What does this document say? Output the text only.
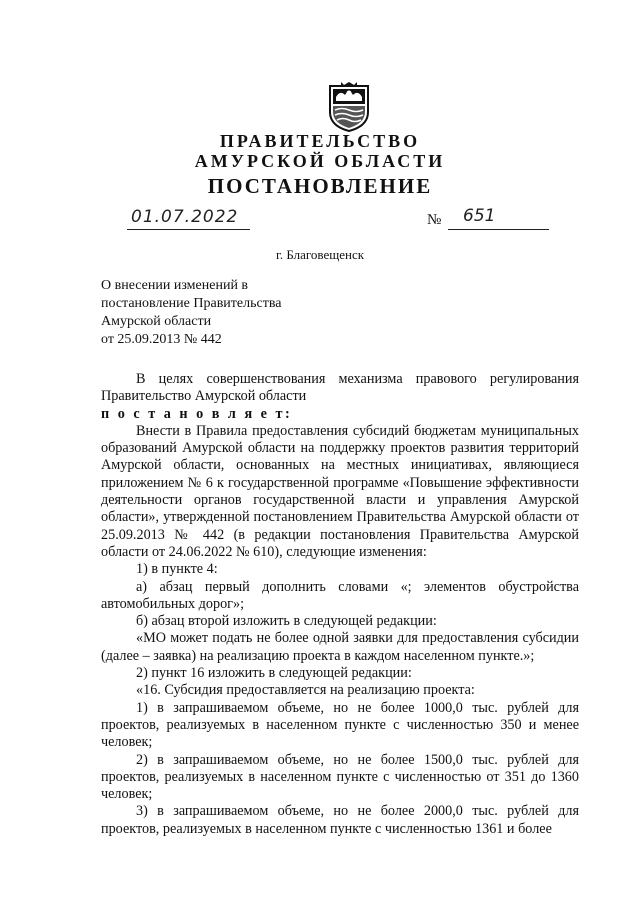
ПРАВИТЕЛЬСТВО
АМУРСКОЙ ОБЛАСТИ
ПОСТАНОВЛЕНИЕ
01.07.2022	№ 651
г. Благовещенск
О внесении изменений в
постановление Правительства
Амурской области
от 25.09.2013 № 442

В целях совершенствования механизма правового регулирования Правительство Амурской области

п о с т а н о в л я е т:

Внести в Правила предоставления субсидий бюджетам муниципальных образований Амурской области на поддержку проектов развития территорий Амурской области, основанных на местных инициативах, являющиеся приложением № 6 к государственной программе «Повышение эффективности деятельности органов государственной власти и управления Амурской области», утвержденной постановлением Правительства Амурской области от 25.09.2013 № 442 (в редакции постановления Правительства Амурской области от 24.06.2022 № 610), следующие изменения:

1) в пункте 4:

а) абзац первый дополнить словами «; элементов обустройства автомобильных дорог»;

б) абзац второй изложить в следующей редакции:

«МО может подать не более одной заявки для предоставления субсидии (далее – заявка) на реализацию проекта в каждом населенном пункте.»;

2) пункт 16 изложить в следующей редакции:

«16. Субсидия предоставляется на реализацию проекта:

1) в запрашиваемом объеме, но не более 1000,0 тыс. рублей для проектов, реализуемых в населенном пункте с численностью 350 и менее человек;

2) в запрашиваемом объеме, но не более 1500,0 тыс. рублей для проектов, реализуемых в населенном пункте с численностью от 351 до 1360 человек;

3) в запрашиваемом объеме, но не более 2000,0 тыс. рублей для проектов, реализуемых в населенном пункте с численностью 1361 и более
